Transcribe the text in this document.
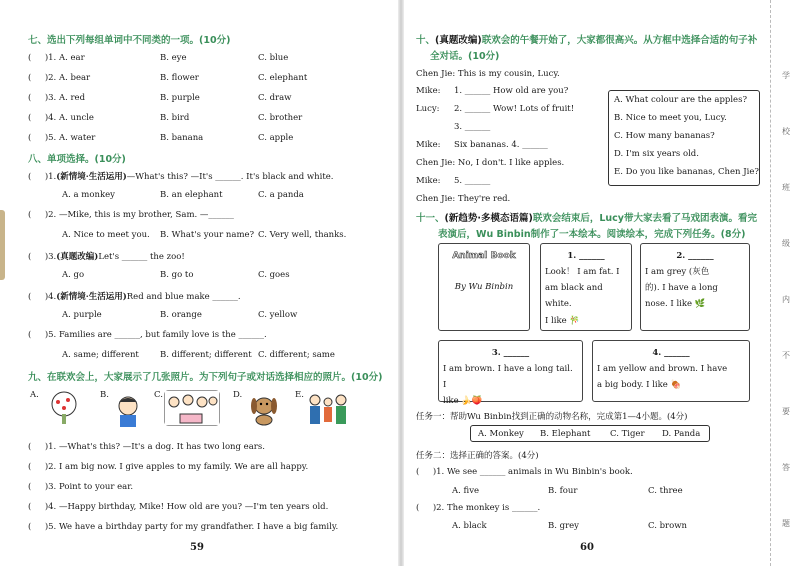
七、选出下列每组单词中不同类的一项。(10分)
(     )1. A. ear	B. eye	C. blue
(     )2. A. bear	B. flower	C. elephant
(     )3. A. red	B. purple	C. draw
(     )4. A. uncle	B. bird	C. brother
(     )5. A. water	B. banana	C. apple
八、单项选择。(10分)
(     )1.(新情境·生活运用)—What's this? —It's ______. It's black and white.
A. a monkey	B. an elephant	C. a panda
(     )2. —Mike, this is my brother, Sam. —______
A. Nice to meet you. B. What's your name? C. Very well, thanks.
(     )3.(真题改编)Let's ______ the zoo!
A. go	B. go to	C. goes
(     )4.(新情境·生活运用)Red and blue make ______.
A. purple	B. orange	C. yellow
(     )5. Families are ______, but family love is the ______.
A. same; different B. different; different C. different; same
九、在联欢会上，大家展示了几张照片。为下列句子或对话选择相应的照片。(10分)
A.	B.	C.	D.	E.
(     )1. —What's this? —It's a dog. It has two long ears.
(     )2. I am big now. I give apples to my family. We are all happy.
(     )3. Point to your ear.
(     )4. —Happy birthday, Mike! How old are you? —I'm ten years old.
(     )5. We have a birthday party for my grandfather. I have a big family.
59
十、(真题改编)联欢会的午餐开始了，大家都很高兴。从方框中选择合适的句子补
全对话。(10分)
Chen Jie: This is my cousin, Lucy.
Mike: 1. ______ How old are you?
Lucy: 2. ______ Wow! Lots of fruit!
3. ______
Mike: Six bananas. 4. ______
Chen Jie: No, I don't. I like apples.
Mike: 5. ______
Chen Jie: They're red.
A. What colour are the apples?
B. Nice to meet you, Lucy.
C. How many bananas?
D. I'm six years old.
E. Do you like bananas, Chen Jie?
十一、(新趋势·多模态语篇)联欢会结束后，Lucy带大家去看了马戏团表演。看完
表演后，Wu Binbin制作了一本绘本。阅读绘本，完成下列任务。(8分)
Animal Book
By Wu Binbin
1. ______
Look！ I am fat. I
am black and white.
I like 🎋
2. ______
I am grey (灰色
的). I have a long
nose. I like 🌿
3. ______
I am brown. I have a long tail. I
like 🍌🍑
4. ______
I am yellow and brown. I have
a big body. I like 🍖
任务一：帮助Wu Binbin找到正确的动物名称，完成第1—4小题。(4分)
A. Monkey B. Elephant C. Tiger D. Panda
任务二：选择正确的答案。(4分)
(     )1. We see ______ animals in Wu Binbin's book.
A. five	B. four	C. three
(     )2. The monkey is ______.
A. black	B. grey	C. brown
60
学
校
班
级
内
不
要
答
题
